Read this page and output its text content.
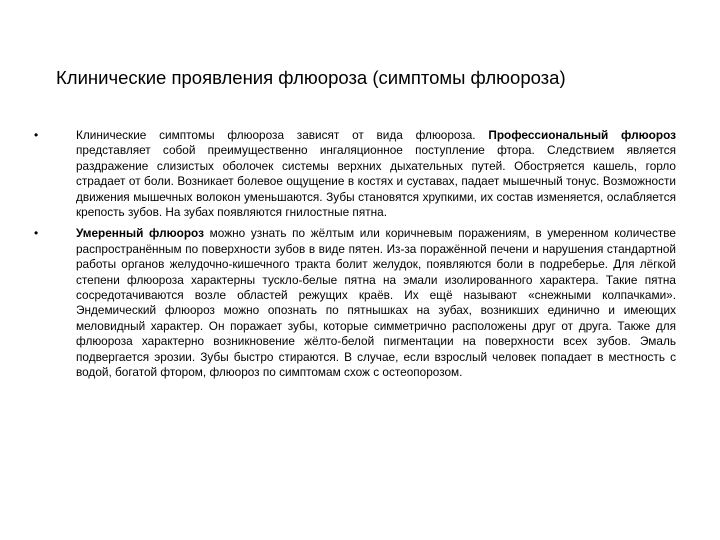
Клинические проявления флюороза (симптомы флюороза)
•	Клинические симптомы флюороза зависят от вида флюороза. Профессиональный флюороз представляет собой преимущественно ингаляционное поступление фтора. Следствием является раздражение слизистых оболочек системы верхних дыхательных путей. Обостряется кашель, горло страдает от боли. Возникает болевое ощущение в костях и суставах, падает мышечный тонус. Возможности движения мышечных волокон уменьшаются. Зубы становятся хрупкими, их состав изменяется, ослабляется крепость зубов. На зубах появляются гнилостные пятна.
•	Умеренный флюороз можно узнать по жёлтым или коричневым поражениям, в умеренном количестве распространённым по поверхности зубов в виде пятен. Из-за поражённой печени и нарушения стандартной работы органов желудочно-кишечного тракта болит желудок, появляются боли в подреберье. Для лёгкой степени флюороза характерны тускло-белые пятна на эмали изолированного характера. Такие пятна сосредотачиваются возле областей режущих краёв. Их ещё называют «снежными колпачками». Эндемический флюороз можно опознать по пятнышках на зубах, возникших единично и имеющих меловидный характер. Он поражает зубы, которые симметрично расположены друг от друга. Также для флюороза характерно возникновение жёлто-белой пигментации на поверхности всех зубов. Эмаль подвергается эрозии. Зубы быстро стираются. В случае, если взрослый человек попадает в местность с водой, богатой фтором, флюороз по симптомам схож с остеопорозом.
